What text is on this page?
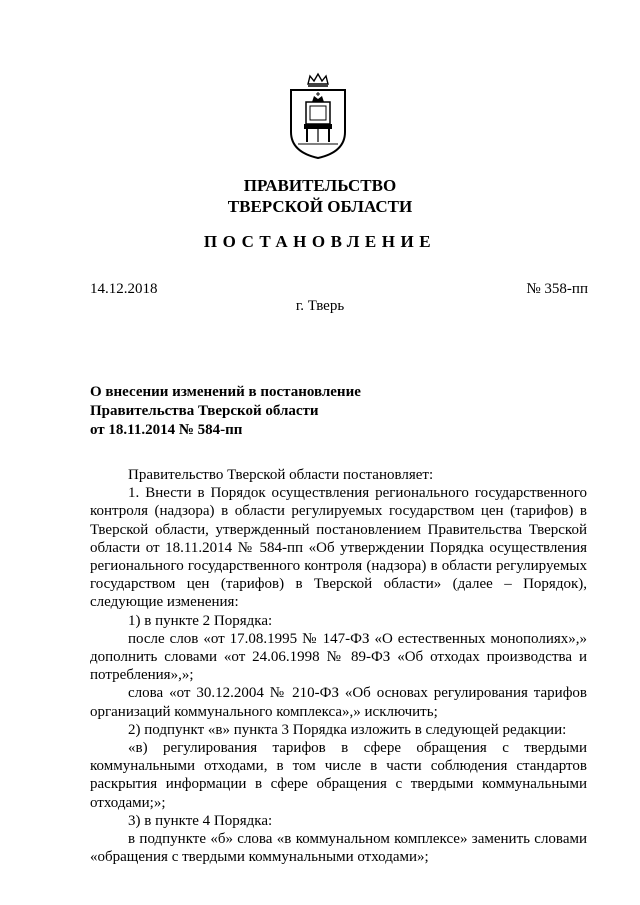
ПРАВИТЕЛЬСТВО
ТВЕРСКОЙ ОБЛАСТИ
ПОСТАНОВЛЕНИЕ
14.12.2018	№ 358-пп
г. Тверь
О внесении изменений в постановление
Правительства Тверской области
от 18.11.2014 № 584-пп

Правительство Тверской области постановляет:

1. Внести в Порядок осуществления регионального государственного контроля (надзора) в области регулируемых государством цен (тарифов) в Тверской области, утвержденный постановлением Правительства Тверской области от 18.11.2014 № 584-пп «Об утверждении Порядка осуществления регионального государственного контроля (надзора) в области регулируемых государством цен (тарифов) в Тверской области» (далее – Порядок), следующие изменения:

1) в пункте 2 Порядка:

после слов «от 17.08.1995 № 147-ФЗ «О естественных монополиях»,» дополнить словами «от 24.06.1998 № 89-ФЗ «Об отходах производства и потребления»,»;

слова «от 30.12.2004 № 210-ФЗ «Об основах регулирования тарифов организаций коммунального комплекса»,» исключить;

2) подпункт «в» пункта 3 Порядка изложить в следующей редакции:

«в) регулирования тарифов в сфере обращения с твердыми коммунальными отходами, в том числе в части соблюдения стандартов раскрытия информации в сфере обращения с твердыми коммунальными отходами;»;

3) в пункте 4 Порядка:

в подпункте «б» слова «в коммунальном комплексе» заменить словами «обращения с твердыми коммунальными отходами»;
